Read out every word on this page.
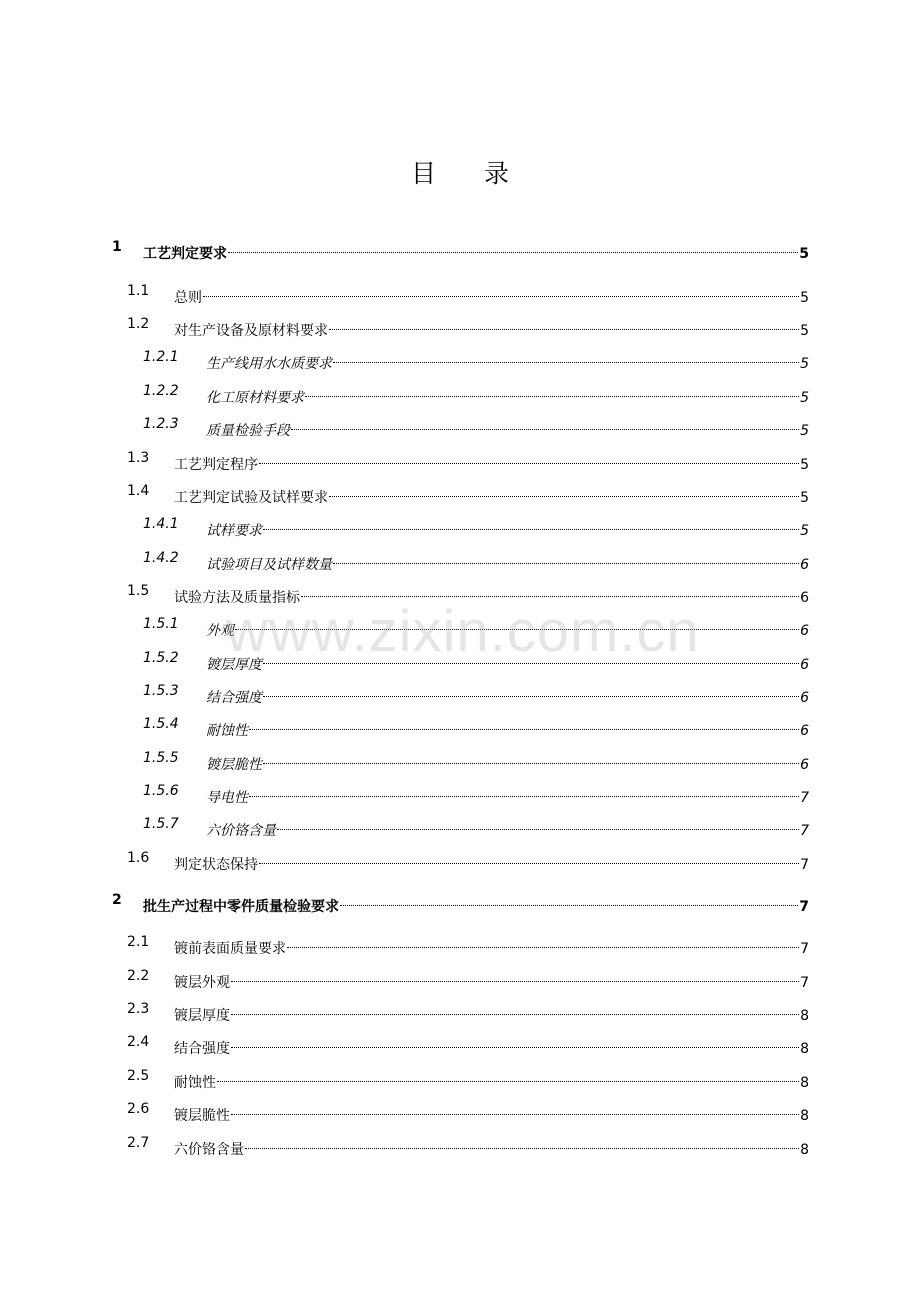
目 录
1 工艺判定要求	5
1.1 总则	5
1.2 对生产设备及原材料要求	5
1.2.1 生产线用水水质要求	5
1.2.2 化工原材料要求	5
1.2.3 质量检验手段	5
1.3 工艺判定程序	5
1.4 工艺判定试验及试样要求	5
1.4.1 试样要求	5
1.4.2 试验项目及试样数量	6
1.5 试验方法及质量指标	6
1.5.1 外观	6
1.5.2 镀层厚度	6
1.5.3 结合强度	6
1.5.4 耐蚀性	6
1.5.5 镀层脆性	6
1.5.6 导电性	7
1.5.7 六价铬含量	7
1.6 判定状态保持	7
2 批生产过程中零件质量检验要求	7
2.1 镀前表面质量要求	7
2.2 镀层外观	7
2.3 镀层厚度	8
2.4 结合强度	8
2.5 耐蚀性	8
2.6 镀层脆性	8
2.7 六价铬含量	8
www.zixin.com.cn
